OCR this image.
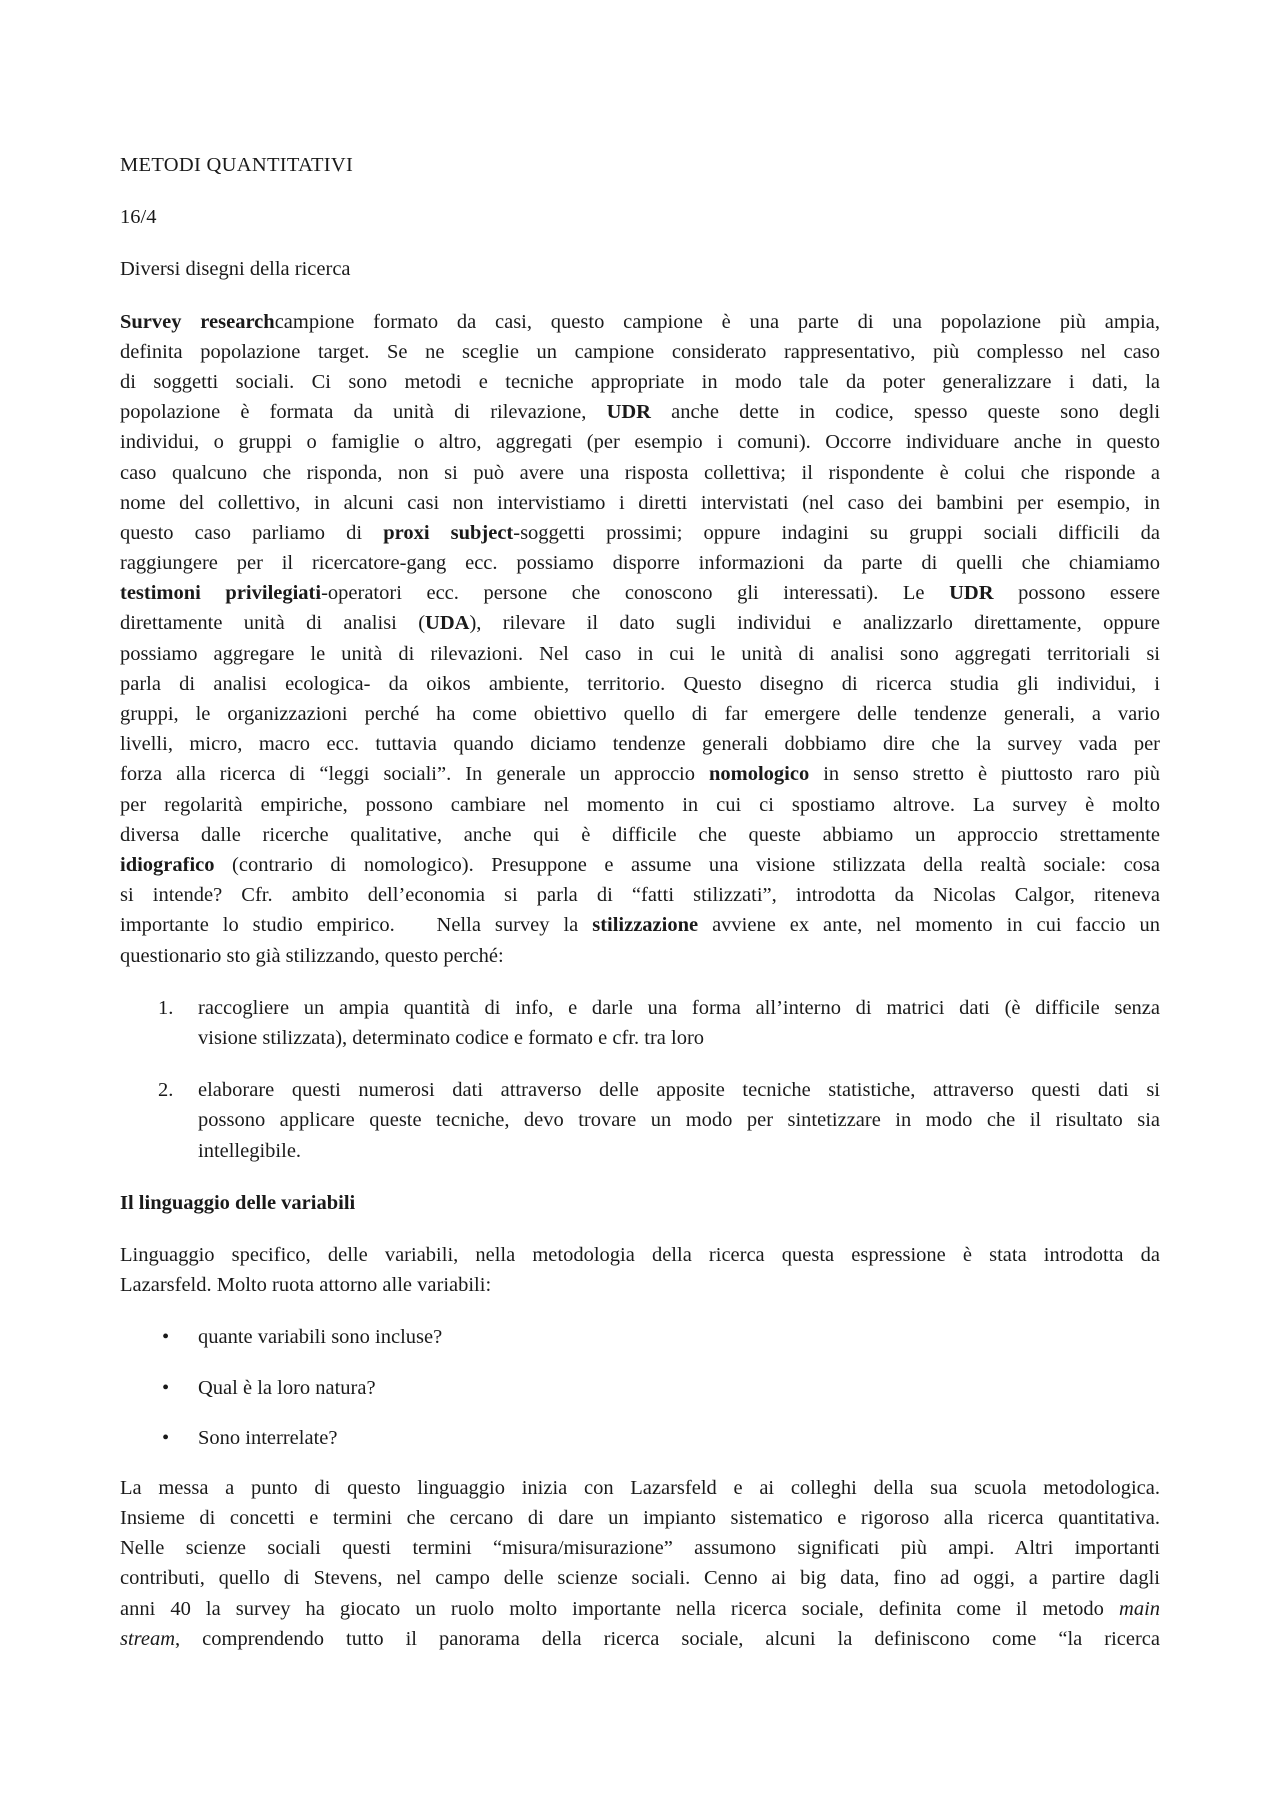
METODI QUANTITATIVI

16/4

Diversi disegni della ricerca

Survey researchcampione formato da casi, questo campione è una parte di una popolazione più ampia,

definita popolazione target. Se ne sceglie un campione considerato rappresentativo, più complesso nel caso

di soggetti sociali. Ci sono metodi e tecniche appropriate in modo tale da poter generalizzare i dati, la

popolazione è formata da unità di rilevazione, UDR anche dette in codice, spesso queste sono degli

individui, o gruppi o famiglie o altro, aggregati (per esempio i comuni). Occorre individuare anche in questo

caso qualcuno che risponda, non si può avere una risposta collettiva; il rispondente è colui che risponde a

nome del collettivo, in alcuni casi non intervistiamo i diretti intervistati (nel caso dei bambini per esempio, in

questo caso parliamo di proxi subject-soggetti prossimi; oppure indagini su gruppi sociali difficili da

raggiungere per il ricercatore-gang ecc. possiamo disporre informazioni da parte di quelli che chiamiamo

testimoni privilegiati-operatori ecc. persone che conoscono gli interessati). Le UDR possono essere

direttamente unità di analisi (UDA), rilevare il dato sugli individui e analizzarlo direttamente, oppure

possiamo aggregare le unità di rilevazioni. Nel caso in cui le unità di analisi sono aggregati territoriali si

parla di analisi ecologica- da oikos ambiente, territorio. Questo disegno di ricerca studia gli individui, i

gruppi, le organizzazioni perché ha come obiettivo quello di far emergere delle tendenze generali, a vario

livelli, micro, macro ecc. tuttavia quando diciamo tendenze generali dobbiamo dire che la survey vada per

forza alla ricerca di “leggi sociali”. In generale un approccio nomologico in senso stretto è piuttosto raro più

per regolarità empiriche, possono cambiare nel momento in cui ci spostiamo altrove. La survey è molto

diversa dalle ricerche qualitative, anche qui è difficile che queste abbiamo un approccio strettamente

idiografico (contrario di nomologico). Presuppone e assume una visione stilizzata della realtà sociale: cosa

si intende? Cfr. ambito dell’economia si parla di “fatti stilizzati”, introdotta da Nicolas Calgor, riteneva

importante lo studio empirico.   Nella survey la stilizzazione avviene ex ante, nel momento in cui faccio un

questionario sto già stilizzando, questo perché:

1. raccogliere un ampia quantità di info, e darle una forma all’interno di matrici dati (è difficile senza

visione stilizzata), determinato codice e formato e cfr. tra loro

2. elaborare questi numerosi dati attraverso delle apposite tecniche statistiche, attraverso questi dati si

possono applicare queste tecniche, devo trovare un modo per sintetizzare in modo che il risultato sia

intellegibile.

Il linguaggio delle variabili

Linguaggio specifico, delle variabili, nella metodologia della ricerca questa espressione è stata introdotta da

Lazarsfeld. Molto ruota attorno alle variabili:

• quante variabili sono incluse?
• Qual è la loro natura?
• Sono interrelate?

La messa a punto di questo linguaggio inizia con Lazarsfeld e ai colleghi della sua scuola metodologica.

Insieme di concetti e termini che cercano di dare un impianto sistematico e rigoroso alla ricerca quantitativa.

Nelle scienze sociali questi termini “misura/misurazione” assumono significati più ampi. Altri importanti

contributi, quello di Stevens, nel campo delle scienze sociali. Cenno ai big data, fino ad oggi, a partire dagli

anni 40 la survey ha giocato un ruolo molto importante nella ricerca sociale, definita come il metodo main

stream, comprendendo tutto il panorama della ricerca sociale, alcuni la definiscono come “la ricerca
